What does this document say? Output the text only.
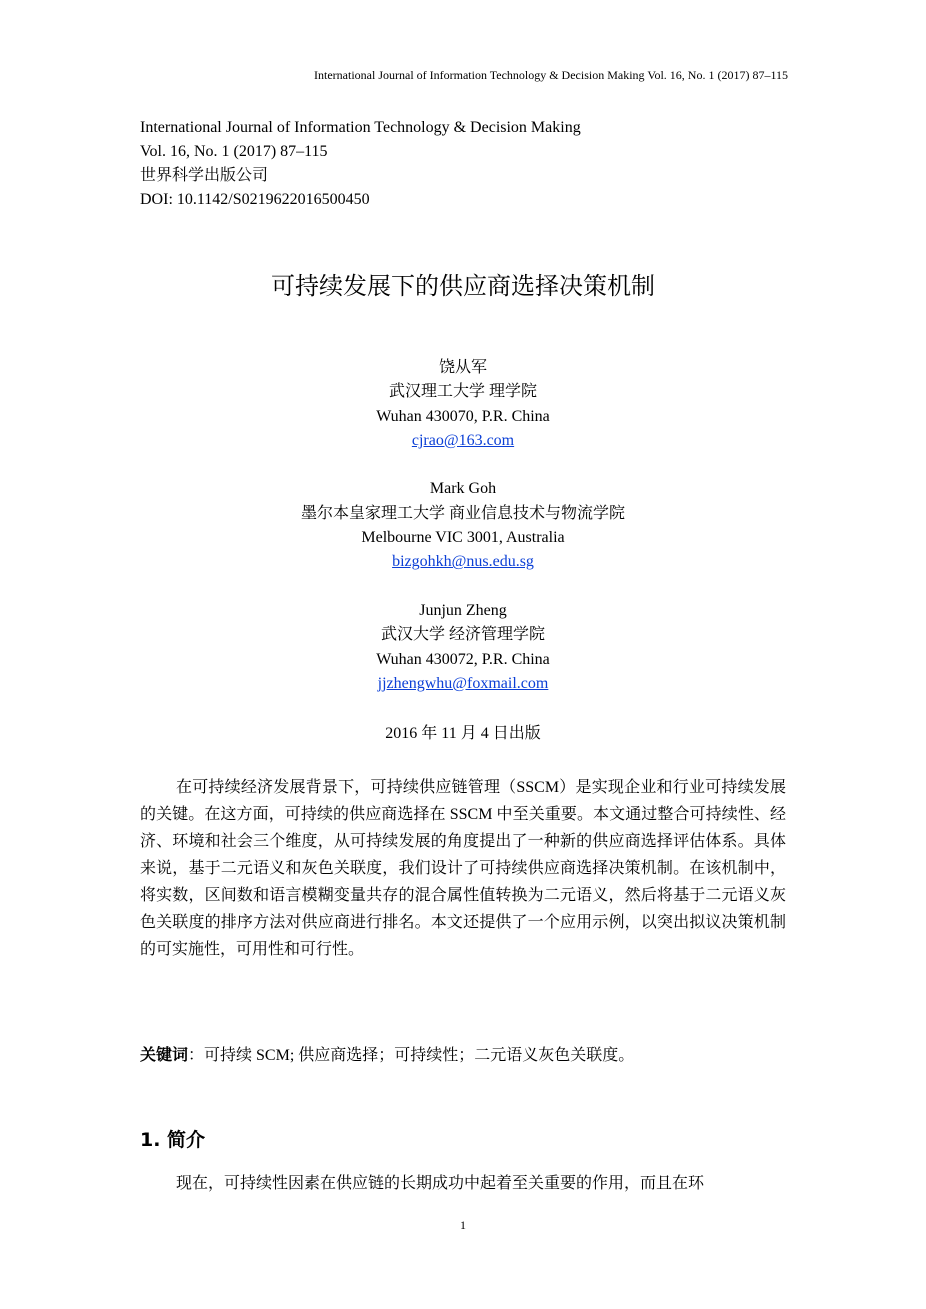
International Journal of Information Technology & Decision Making Vol. 16, No. 1 (2017) 87–115
International Journal of Information Technology & Decision Making
Vol. 16, No. 1 (2017) 87–115
世界科学出版公司
DOI: 10.1142/S0219622016500450
可持续发展下的供应商选择决策机制
饶从军
武汉理工大学 理学院
Wuhan 430070, P.R. China
cjrao@163.com
Mark Goh
墨尔本皇家理工大学 商业信息技术与物流学院
Melbourne VIC 3001, Australia
bizgohkh@nus.edu.sg
Junjun Zheng
武汉大学 经济管理学院
Wuhan 430072, P.R. China
jjzhengwhu@foxmail.com
2016 年 11 月 4 日出版

在可持续经济发展背景下，可持续供应链管理（SSCM）是实现企业和行业可持续发展的关键。在这方面，可持续的供应商选择在 SSCM 中至关重要。本文通过整合可持续性、经济、环境和社会三个维度，从可持续发展的角度提出了一种新的供应商选择评估体系。具体来说，基于二元语义和灰色关联度，我们设计了可持续供应商选择决策机制。在该机制中，将实数，区间数和语言模糊变量共存的混合属性值转换为二元语义，然后将基于二元语义灰色关联度的排序方法对供应商进行排名。本文还提供了一个应用示例，以突出拟议决策机制的可实施性，可用性和可行性。

关键词：可持续 SCM; 供应商选择；可持续性；二元语义灰色关联度。
1. 简介

现在，可持续性因素在供应链的长期成功中起着至关重要的作用，而且在环

1
